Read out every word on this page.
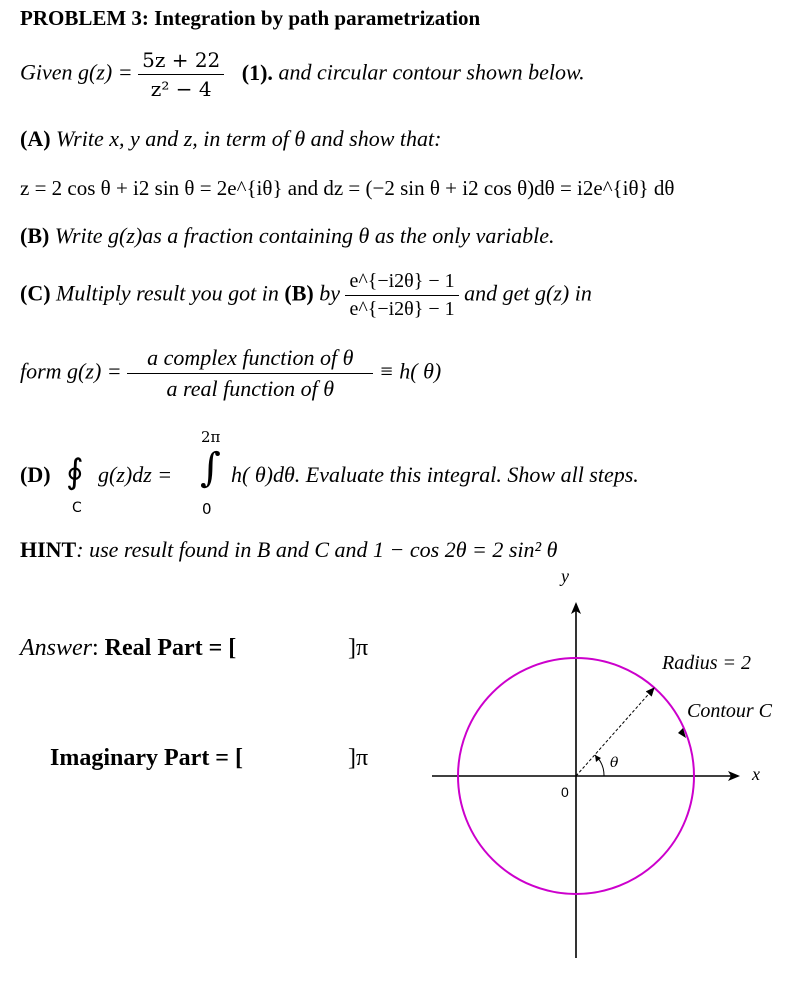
PROBLEM 3: Integration by path parametrization
Given $g(z) = \frac{5z + 22}{\text{z² − 4}} (1)$. and circular contour shown below.
(A) Write x, y and z, in term of θ and show that:
z = 2 cos θ + i2 sin θ = 2e^{iθ} and dz = (−2 sin θ + i2 cos θ)dθ = i2e^{iθ} dθ
(B) Write g(z)as a fraction containing θ as the only variable.
(C) Multiply result you got in (B) by $\frac{e\^{}\{-i2\theta\} - 1}{e\^{}\{-i2\theta\} - 1}$ and get g(z) in
form $g(z) = \frac{\text{a complex function of θ}}{\text{a real function of θ}} \equiv h$( θ)
(D) ∮
C
g(z)dz =
2π
∫
0
h( θ)dθ. Evaluate this integral. Show all steps.
HINT: use result found in B and C and 1 − cos 2θ = 2 sin² θ
Answer: Real Part = [	]π
Imaginary Part = [	]π
y
x
0
θ
Radius = 2
Contour C
